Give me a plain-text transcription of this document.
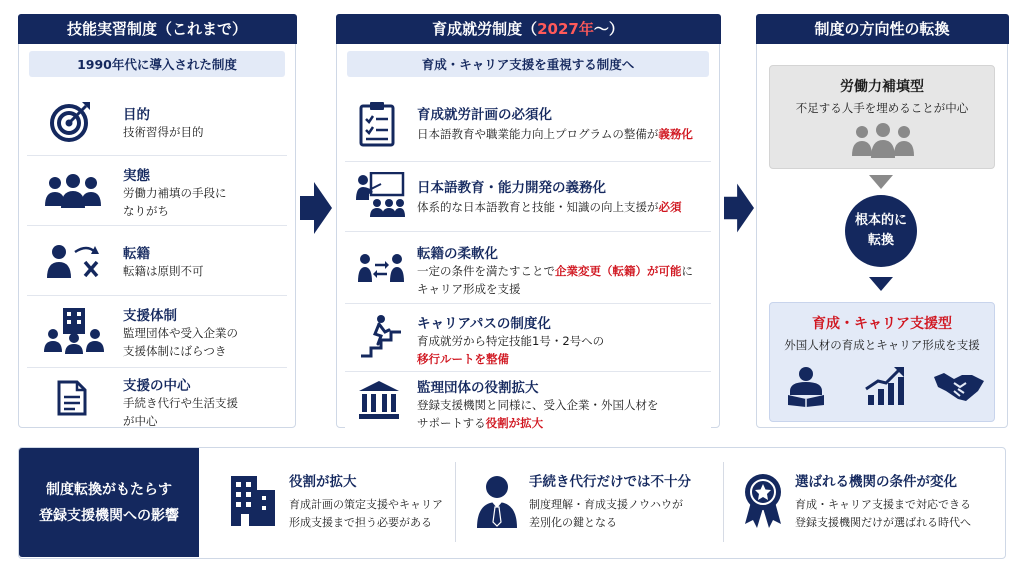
技能実習制度（これまで）
1990年代に導入された制度
目的
技術習得が目的
実態
労働力補填の手段に
なりがち
転籍
転籍は原則不可
支援体制
監理団体や受入企業の
支援体制にばらつき
支援の中心
手続き代行や生活支援
が中心
育成就労制度（ 2027年 ～）
育成・キャリア支援を重視する制度へ
育成就労計画の必須化
日本語教育や職業能力向上プログラムの整備が義務化
日本語教育・能力開発の義務化
体系的な日本語教育と技能・知識の向上支援が必須
転籍の柔軟化
一定の条件を満たすことで企業変更（転籍）が可能に
キャリア形成を支援
キャリアパスの制度化
育成就労から特定技能1号・2号への
移行ルートを整備
監理団体の役割拡大
登録支援機関と同様に、受入企業・外国人材を
サポートする役割が拡大
制度の方向性の転換
労働力補填型
不足する人手を埋めることが中心
根本的に
転換
育成・キャリア支援型
外国人材の育成とキャリア形成を支援
制度転換がもたらす
登録支援機関への影響
役割が拡大
育成計画の策定支援やキャリア
形成支援まで担う必要がある
手続き代行だけでは不十分
制度理解・育成支援ノウハウが
差別化の鍵となる
選ばれる機関の条件が変化
育成・キャリア支援まで対応できる
登録支援機関だけが選ばれる時代へ
